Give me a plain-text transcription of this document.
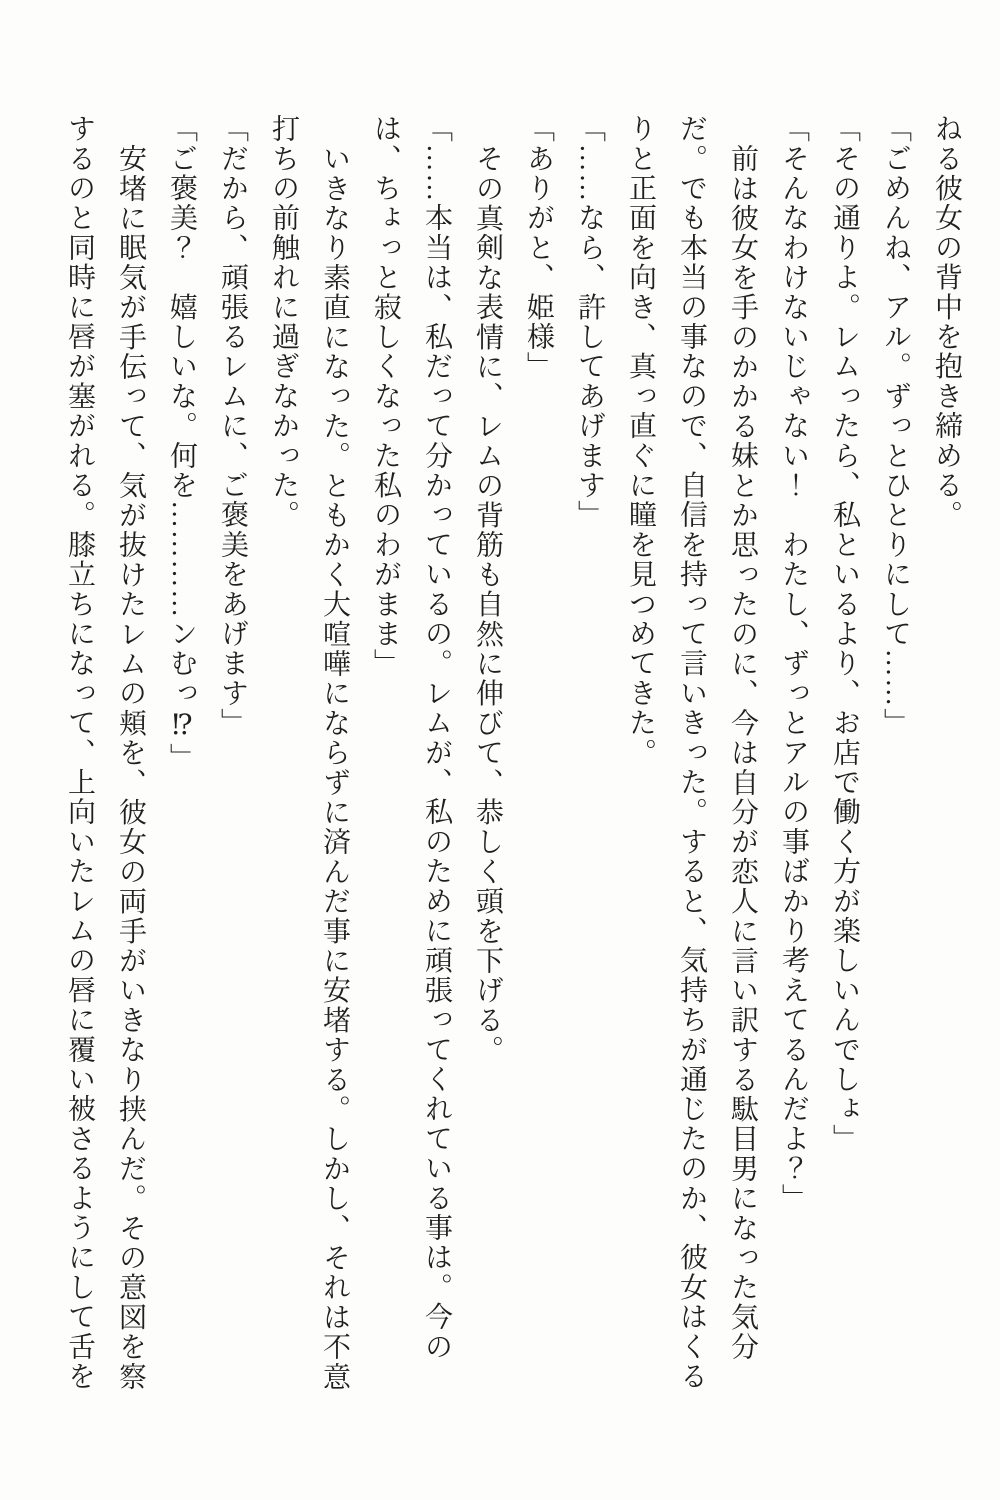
ねる彼女の背中を抱き締める。

「ごめんね、アル。ずっとひとりにして……」

「その通りよ。レムったら、私といるより、お店で働く方が楽しいんでしょ」

「そんなわけないじゃない！　わたし、ずっとアルの事ばかり考えてるんだよ？」

前は彼女を手のかかる妹とか思ったのに、今は自分が恋人に言い訳する駄目男になった気分だ。でも本当の事なので、自信を持って言いきった。すると、気持ちが通じたのか、彼女はくるりと正面を向き、真っ直ぐに瞳を見つめてきた。

「……なら、許してあげます」

「ありがと、姫様」

その真剣な表情に、レムの背筋も自然に伸びて、恭しく頭を下げる。

「……本当は、私だって分かっているの。レムが、私のために頑張ってくれている事は。今のは、ちょっと寂しくなった私のわがまま」

いきなり素直になった。ともかく大喧嘩にならずに済んだ事に安堵する。しかし、それは不意打ちの前触れに過ぎなかった。

「だから、頑張るレムに、ご褒美をあげます」

「ご褒美？　嬉しいな。何を…………ンむっ⁉」

安堵に眠気が手伝って、気が抜けたレムの頬を、彼女の両手がいきなり挟んだ。その意図を察するのと同時に唇が塞がれる。膝立ちになって、上向いたレムの唇に覆い被さるようにして舌を
